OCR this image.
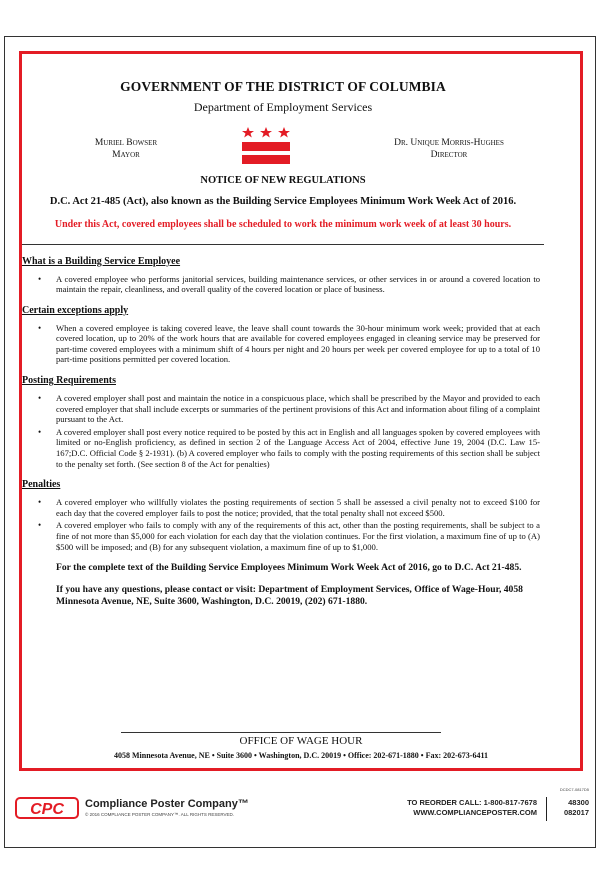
GOVERNMENT OF THE DISTRICT OF COLUMBIA
Department of Employment Services
Muriel Bowser
Mayor
Dr. Unique Morris-Hughes
Director
NOTICE OF NEW REGULATIONS
D.C. Act 21-485 (Act), also known as the Building Service Employees Minimum Work Week Act of 2016.
Under this Act, covered employees shall be scheduled to work the minimum work week of at least 30 hours.
What is a Building Service Employee
• A covered employee who performs janitorial services, building maintenance services, or other services in or around a covered location to maintain the repair, cleanliness, and overall quality of the covered location or place of business.
Certain exceptions apply
• When a covered employee is taking covered leave, the leave shall count towards the 30-hour minimum work week; provided that at each covered location, up to 20% of the work hours that are available for covered employees engaged in cleaning service may be preserved for part-time covered employees with a minimum shift of 4 hours per night and 20 hours per week per covered employee for up to a total of 10 part-time positions permitted per covered location.
Posting Requirements
• A covered employer shall post and maintain the notice in a conspicuous place, which shall be prescribed by the Mayor and provided to each covered employer that shall include excerpts or summaries of the pertinent provisions of this Act and information about filing of a complaint pursuant to the Act.
• A covered employer shall post every notice required to be posted by this act in English and all languages spoken by covered employees with limited or no-English proficiency, as defined in section 2 of the Language Access Act of 2004, effective June 19, 2004 (D.C. Law 15-167;D.C. Official Code § 2-1931). (b) A covered employer who fails to comply with the posting requirements of this section shall be subject to the penalty set forth. (See section 8 of the Act for penalties)
Penalties
• A covered employer who willfully violates the posting requirements of section 5 shall be assessed a civil penalty not to exceed $100 for each day that the covered employer fails to post the notice; provided, that the total penalty shall not exceed $500.
• A covered employer who fails to comply with any of the requirements of this act, other than the posting requirements, shall be subject to a fine of not more than $5,000 for each violation for each day that the violation continues. For the first violation, a maximum fine of up to (A) $500 will be imposed; and (B) for any subsequent violation, a maximum fine of up to $1,000.
For the complete text of the Building Service Employees Minimum Work Week Act of 2016, go to D.C. Act 21-485.
If you have any questions, please contact or visit: Department of Employment Services, Office of Wage-Hour, 4058 Minnesota Avenue, NE, Suite 3600, Washington, D.C. 20019, (202) 671-1880.
OFFICE OF WAGE HOUR
4058 Minnesota Avenue, NE • Suite 3600 • Washington, D.C. 20019 • Office: 202-671-1880 • Fax: 202-673-6411
CPC Compliance Poster Company™
© 2016 COMPLIANCE POSTER COMPANY™. ALL RIGHTS RESERVED.
DCDC7-0817D5
TO REORDER CALL: 1-800-817-7678
WWW.COMPLIANCEPOSTER.COM
48300
082017
